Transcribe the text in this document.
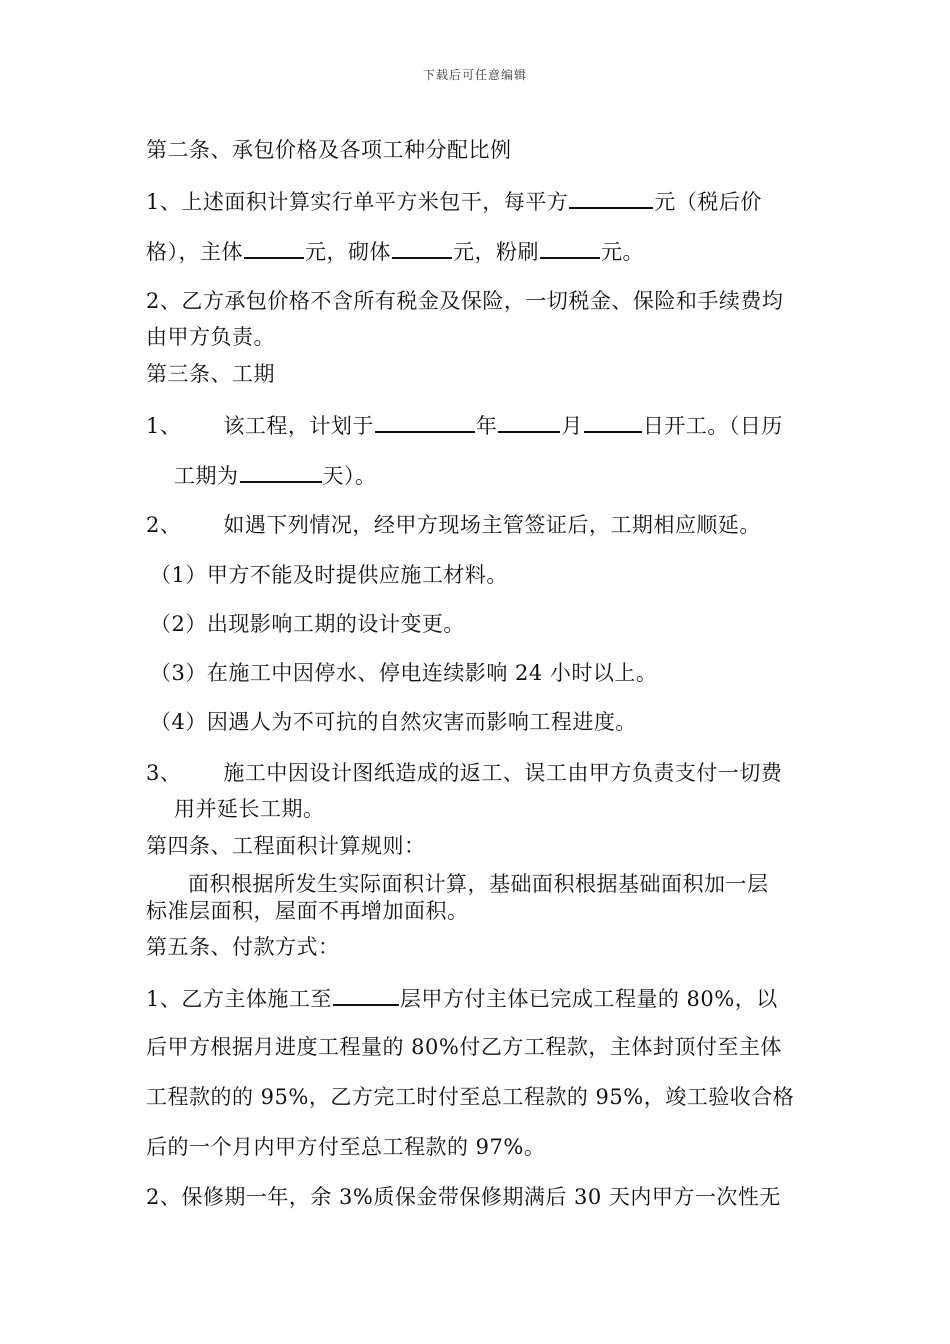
下载后可任意编辑
第二条、承包价格及各项工种分配比例
1、上述面积计算实行单平方米包干，每平方	元（税后价
格），主体	元，砌体	元，粉刷	元。
2、乙方承包价格不含所有税金及保险，一切税金、保险和手续费均
由甲方负责。
第三条、工期
1、 该工程，计划于	年	月	日开工。（日历
工期为	天）。
2、 如遇下列情况，经甲方现场主管签证后，工期相应顺延。
（1）甲方不能及时提供应施工材料。
（2）出现影响工期的设计变更。
（3）在施工中因停水、停电连续影响 24 小时以上。
（4）因遇人为不可抗的自然灾害而影响工程进度。
3、 施工中因设计图纸造成的返工、误工由甲方负责支付一切费
用并延长工期。
第四条、工程面积计算规则：
面积根据所发生实际面积计算，基础面积根据基础面积加一层
标准层面积，屋面不再增加面积。
第五条、付款方式：
1、乙方主体施工至	层甲方付主体已完成工程量的 80%，以
后甲方根据月进度工程量的 80%付乙方工程款，主体封顶付至主体
工程款的的 95%，乙方完工时付至总工程款的 95%，竣工验收合格
后的一个月内甲方付至总工程款的 97%。
2、保修期一年，余 3%质保金带保修期满后 30 天内甲方一次性无
